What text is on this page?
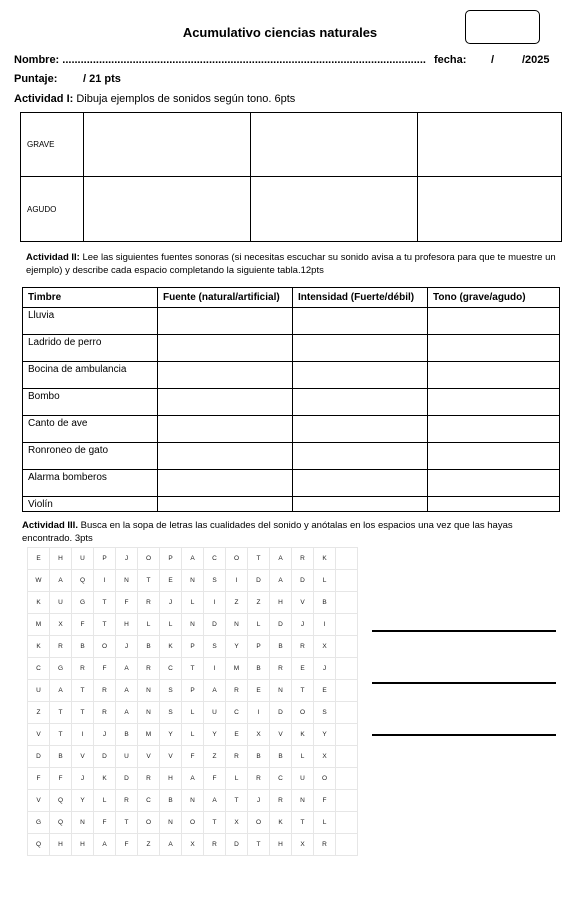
Acumulativo ciencias naturales
Nombre: ....................................................................................................................... fecha: /	/2025
Puntaje: / 21 pts
Actividad I: Dibuja ejemplos de sonidos según tono. 6pts
GRAVE			
AGUDO			
Actividad II: Lee las siguientes fuentes sonoras (si necesitas escuchar su sonido avisa a tu profesora para que te muestre un ejemplo) y describe cada espacio completando la siguiente tabla.12pts
Timbre	Fuente (natural/artificial)	Intensidad (Fuerte/débil)	Tono (grave/agudo)
Lluvia			
Ladrido de perro			
Bocina de ambulancia			
Bombo			
Canto de ave			
Ronroneo de gato			
Alarma bomberos			
Violín			
Actividad III. Busca en la sopa de letras las cualidades del sonido y anótalas en los espacios una vez que las hayas encontrado. 3pts
E	H	U	P	J	O	P	A	C	O	T	A	R	K
W	A	Q	I	N	T	E	N	S	I	D	A	D	L
K	U	G	T	F	R	J	L	I	Z	Z	H	V	B
M	X	F	T	H	L	L	N	D	N	L	D	J	I
K	R	B	O	J	B	K	P	S	Y	P	B	R	X
C	G	R	F	A	R	C	T	I	M	B	R	E	J
U	A	T	R	A	N	S	P	A	R	E	N	T	E
Z	T	T	R	A	N	S	L	U	C	I	D	O	S
V	T	I	J	B	M	Y	L	Y	E	X	V	K	Y
D	B	V	D	U	V	V	F	Z	R	B	B	L	X
F	F	J	K	D	R	H	A	F	L	R	C	U	O
V	Q	Y	L	R	C	B	N	A	T	J	R	N	F
G	Q	N	F	T	O	N	O	T	X	O	K	T	L
Q	H	H	A	F	Z	A	X	R	D	T	H	X	R
